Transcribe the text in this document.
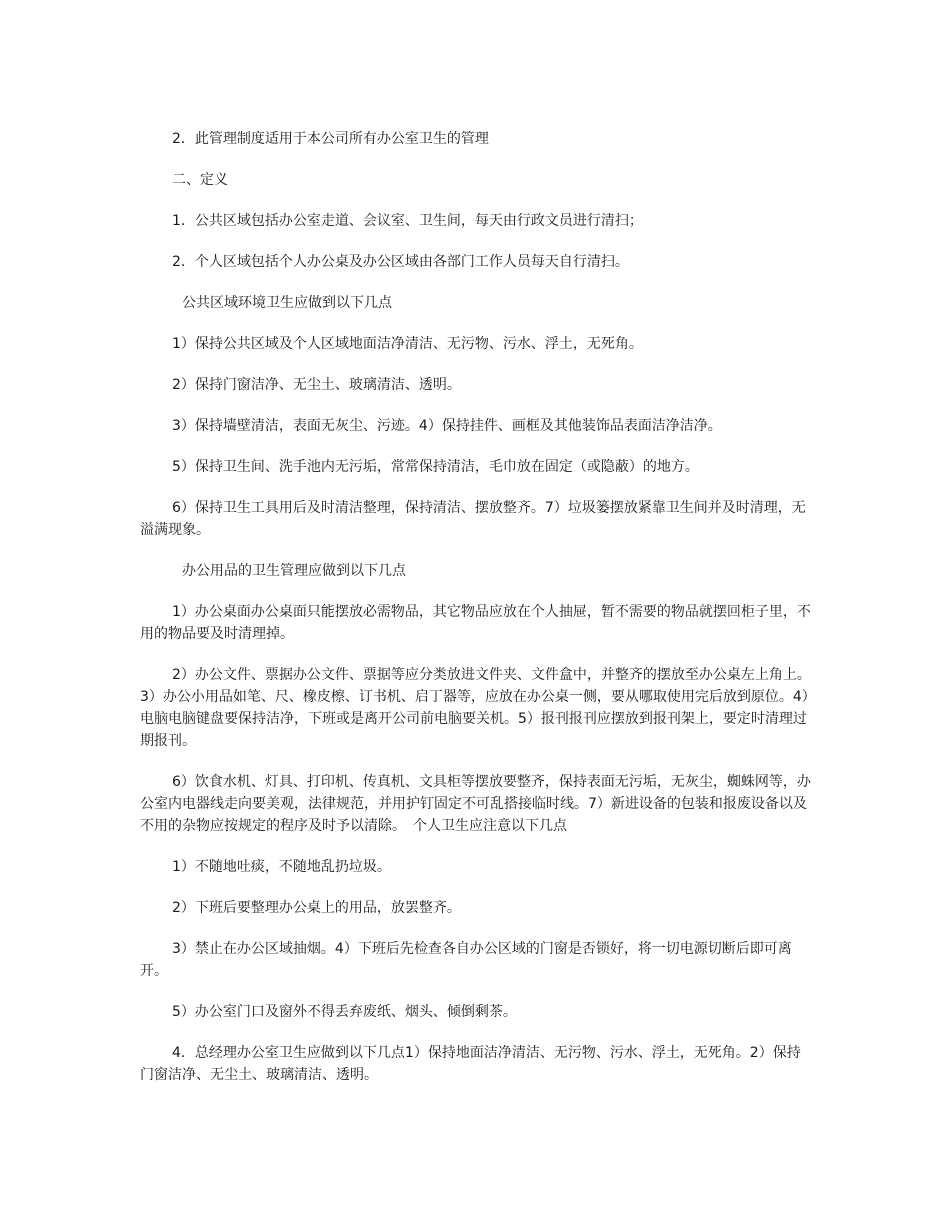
2．此管理制度适用于本公司所有办公室卫生的管理

二、定义

1．公共区域包括办公室走道、会议室、卫生间，每天由行政文员进行清扫；

2．个人区域包括个人办公桌及办公区域由各部门工作人员每天自行清扫。

公共区域环境卫生应做到以下几点

1）保持公共区域及个人区域地面洁净清洁、无污物、污水、浮土，无死角。

2）保持门窗洁净、无尘土、玻璃清洁、透明。

3）保持墙壁清洁，表面无灰尘、污迹。4）保持挂件、画框及其他装饰品表面洁净洁净。

5）保持卫生间、洗手池内无污垢，常常保持清洁，毛巾放在固定（或隐蔽）的地方。

6）保持卫生工具用后及时清洁整理，保持清洁、摆放整齐。7）垃圾篓摆放紧靠卫生间并及时清理，无溢满现象。

办公用品的卫生管理应做到以下几点

1）办公桌面办公桌面只能摆放必需物品，其它物品应放在个人抽屉，暂不需要的物品就摆回柜子里，不用的物品要及时清理掉。

2）办公文件、票据办公文件、票据等应分类放进文件夹、文件盒中，并整齐的摆放至办公桌左上角上。3）办公小用品如笔、尺、橡皮檫、订书机、启丁器等，应放在办公桌一侧，要从哪取使用完后放到原位。4）电脑电脑键盘要保持洁净，下班或是离开公司前电脑要关机。5）报刊报刊应摆放到报刊架上，要定时清理过期报刊。

6）饮食水机、灯具、打印机、传真机、文具柜等摆放要整齐，保持表面无污垢，无灰尘，蜘蛛网等，办公室内电器线走向要美观，法律规范，并用护钉固定不可乱搭接临时线。7）新进设备的包装和报废设备以及不用的杂物应按规定的程序及时予以清除。　个人卫生应注意以下几点

1）不随地吐痰，不随地乱扔垃圾。

2）下班后要整理办公桌上的用品，放罢整齐。

3）禁止在办公区域抽烟。4）下班后先检查各自办公区域的门窗是否锁好，将一切电源切断后即可离开。

5）办公室门口及窗外不得丢弃废纸、烟头、倾倒剩茶。

4．总经理办公室卫生应做到以下几点1）保持地面洁净清洁、无污物、污水、浮土，无死角。2）保持门窗洁净、无尘土、玻璃清洁、透明。
